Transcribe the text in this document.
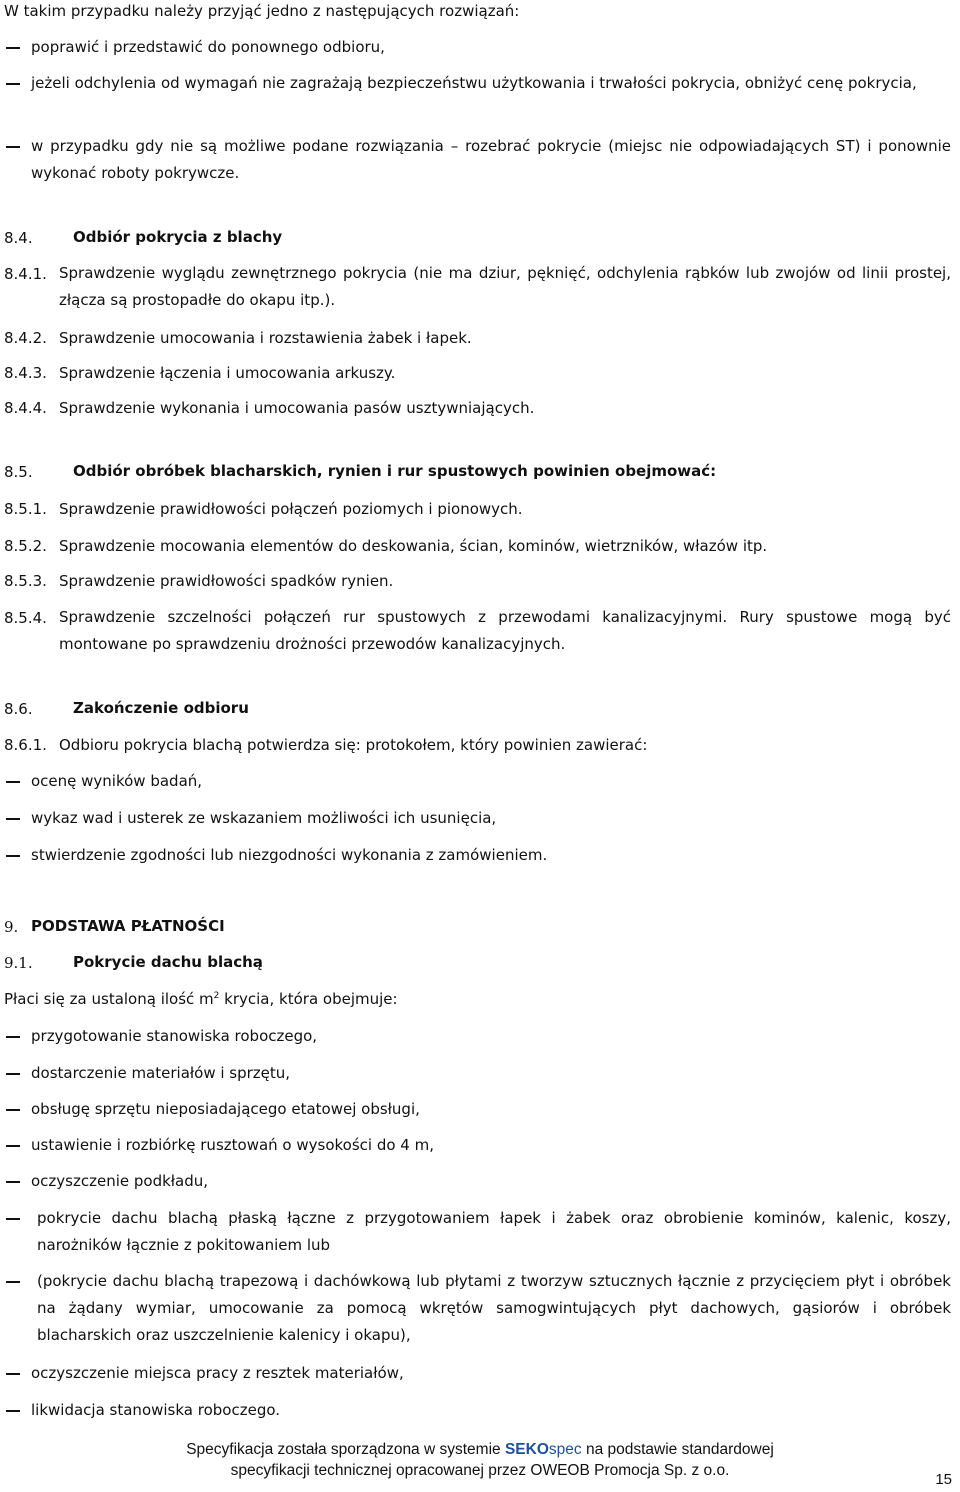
W takim przypadku należy przyjąć jedno z następujących rozwiązań:
poprawić i przedstawić do ponownego odbioru,
jeżeli odchylenia od wymagań nie zagrażają bezpieczeństwu użytkowania i trwałości pokrycia, obniżyć cenę pokrycia,
w przypadku gdy nie są możliwe podane rozwiązania – rozebrać pokrycie (miejsc nie odpowiadających ST) i ponownie wykonać roboty pokrywcze.
8.4.	Odbiór pokrycia z blachy
8.4.1. Sprawdzenie wyglądu zewnętrznego pokrycia (nie ma dziur, pęknięć, odchylenia rąbków lub zwojów od linii prostej, złącza są prostopadłe do okapu itp.).
8.4.2. Sprawdzenie umocowania i rozstawienia żabek i łapek.
8.4.3. Sprawdzenie łączenia i umocowania arkuszy.
8.4.4. Sprawdzenie wykonania i umocowania pasów usztywniających.
8.5.	Odbiór obróbek blacharskich, rynien i rur spustowych powinien obejmować:
8.5.1. Sprawdzenie prawidłowości połączeń poziomych i pionowych.
8.5.2. Sprawdzenie mocowania elementów do deskowania, ścian, kominów, wietrzników, włazów itp.
8.5.3. Sprawdzenie prawidłowości spadków rynien.
8.5.4. Sprawdzenie szczelności połączeń rur spustowych z przewodami kanalizacyjnymi. Rury spustowe mogą być montowane po sprawdzeniu drożności przewodów kanalizacyjnych.
8.6.	Zakończenie odbioru
8.6.1. Odbioru pokrycia blachą potwierdza się: protokołem, który powinien zawierać:
ocenę wyników badań,
wykaz wad i usterek ze wskazaniem możliwości ich usunięcia,
stwierdzenie zgodności lub niezgodności wykonania z zamówieniem.
9. PODSTAWA PŁATNOŚCI
9.1.	Pokrycie dachu blachą
Płaci się za ustaloną ilość $m^2$ krycia, która obejmuje:
przygotowanie stanowiska roboczego,
dostarczenie materiałów i sprzętu,
obsługę sprzętu nieposiadającego etatowej obsługi,
ustawienie i rozbiórkę rusztowań o wysokości do 4 m,
oczyszczenie podkładu,
pokrycie dachu blachą płaską łączne z przygotowaniem łapek i żabek oraz obrobienie kominów, kalenic, koszy, narożników łącznie z pokitowaniem lub
(pokrycie dachu blachą trapezową i dachówkową lub płytami z tworzyw sztucznych łącznie z przycięciem płyt i obróbek na żądany wymiar, umocowanie za pomocą wkrętów samogwintujących płyt dachowych, gąsiorów i obróbek blacharskich oraz uszczelnienie kalenicy i okapu),
oczyszczenie miejsca pracy z resztek materiałów,
likwidacja stanowiska roboczego.
Specyfikacja została sporządzona w systemie SEKOspec na podstawie standardowej
specyfikacji technicznej opracowanej przez OWEOB Promocja Sp. z o.o.
15
